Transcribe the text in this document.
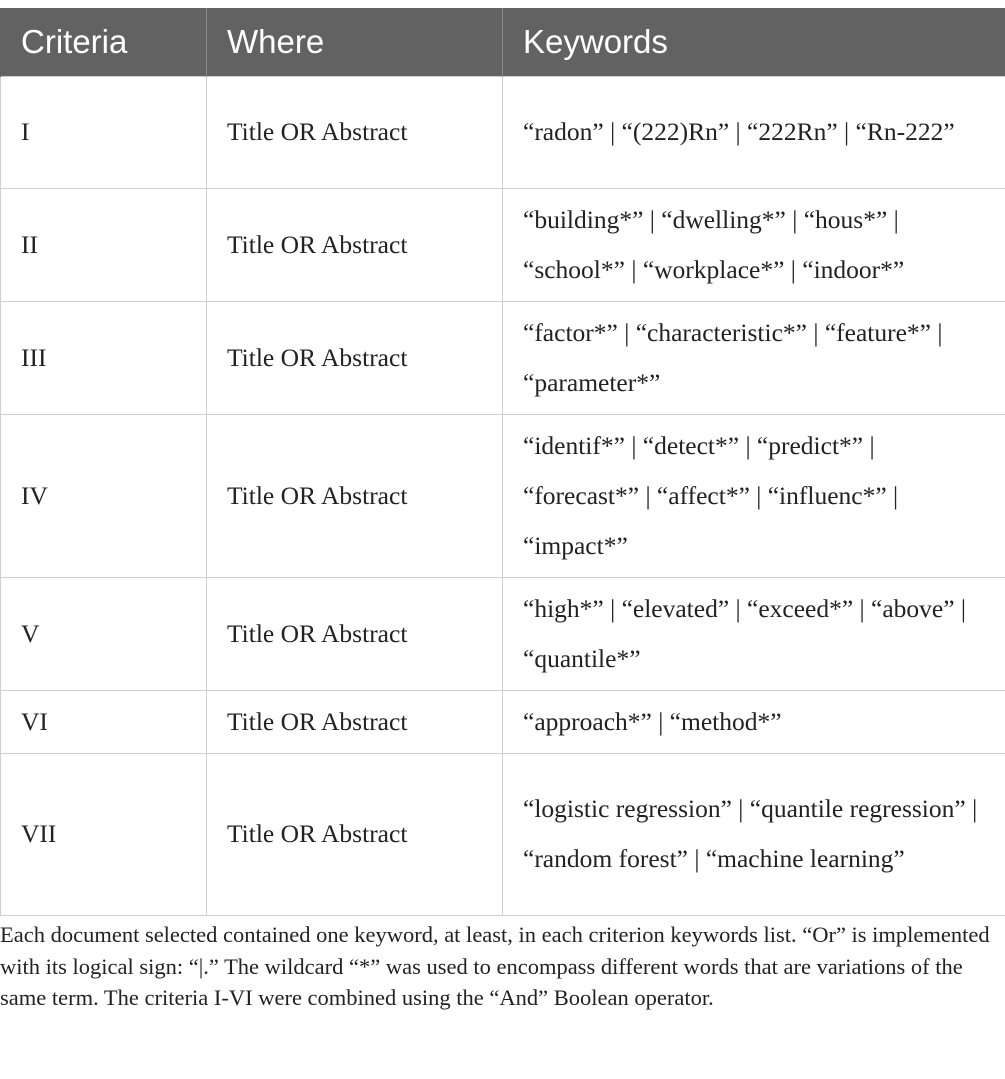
Criteria	Where	Keywords
I	Title OR Abstract	“radon” | “(222)Rn” | “222Rn” | “Rn-222”
II	Title OR Abstract	“building*” | “dwelling*” | “hous*” | “school*” | “workplace*” | “indoor*”
III	Title OR Abstract	“factor*” | “characteristic*” | “feature*” | “parameter*”
IV	Title OR Abstract	“identif*” | “detect*” | “predict*” | “forecast*” | “affect*” | “influenc*” | “impact*”
V	Title OR Abstract	“high*” | “elevated” | “exceed*” | “above” | “quantile*”
VI	Title OR Abstract	“approach*” | “method*”
VII	Title OR Abstract	“logistic regression” | “quantile regression” | “random forest” | “machine learning”

Each document selected contained one keyword, at least, in each criterion keywords list. “Or” is implemented with its logical sign: “|.” The wildcard “*” was used to encompass different words that are variations of the same term. The criteria I-VI were combined using the “And” Boolean operator.
